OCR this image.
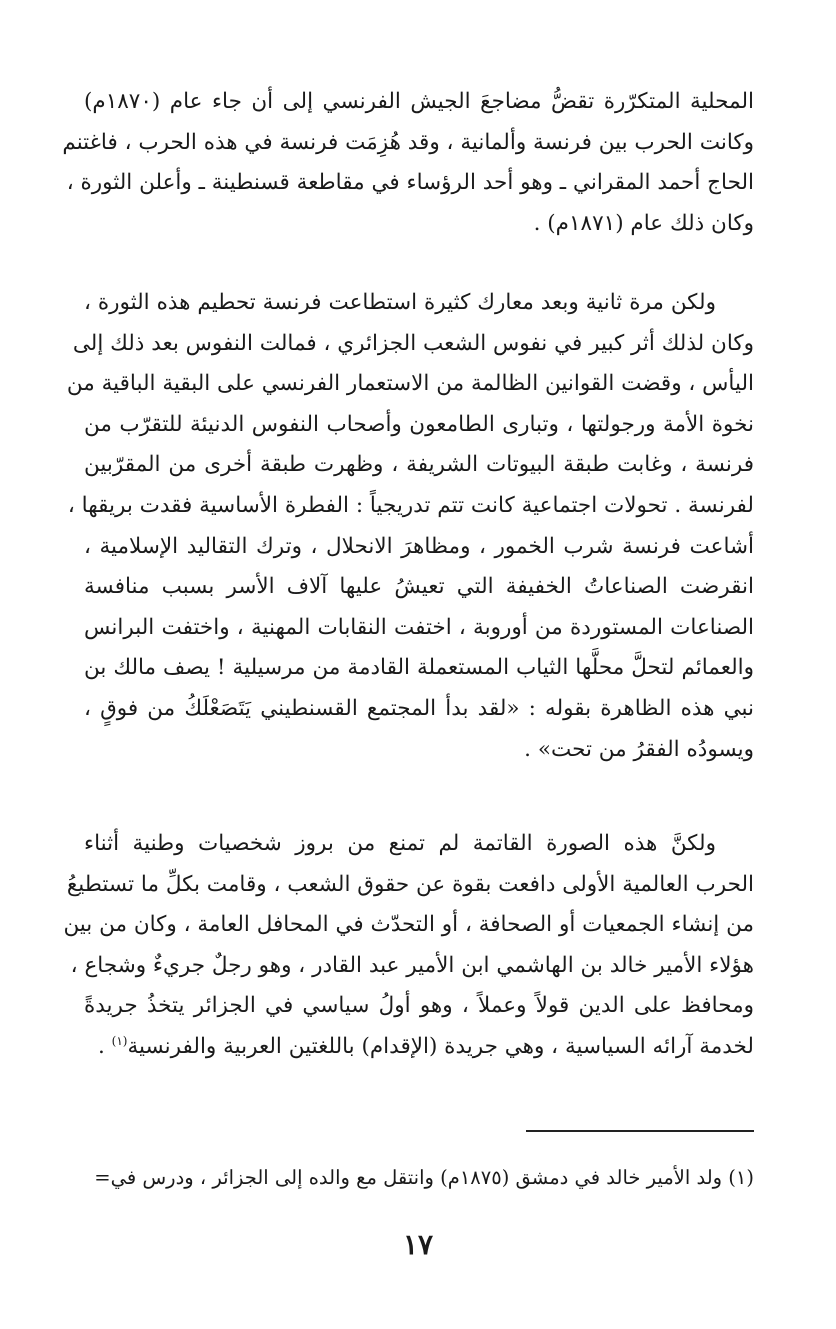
المحلية المتكرّرة تقضُّ مضاجعَ الجيش الفرنسي إلى أن جاء عام (١٨٧٠م)
وكانت الحرب بين فرنسة وألمانية ، وقد هُزِمَت فرنسة في هذه الحرب ، فاغتنم
الحاج أحمد المقراني ـ وهو أحد الرؤساء في مقاطعة قسنطينة ـ وأعلن الثورة ،
وكان ذلك عام (١٨٧١م) .
ولكن مرة ثانية وبعد معارك كثيرة استطاعت فرنسة تحطيم هذه الثورة ،
وكان لذلك أثر كبير في نفوس الشعب الجزائري ، فمالت النفوس بعد ذلك إلى
اليأس ، وقضت القوانين الظالمة من الاستعمار الفرنسي على البقية الباقية من
نخوة الأمة ورجولتها ، وتبارى الطامعون وأصحاب النفوس الدنيئة للتقرّب من
فرنسة ، وغابت طبقة البيوتات الشريفة ، وظهرت طبقة أخرى من المقرّبين
لفرنسة . تحولات اجتماعية كانت تتم تدريجياً : الفطرة الأساسية فقدت بريقها ،
أشاعت فرنسة شرب الخمور ، ومظاهرَ الانحلال ، وترك التقاليد الإسلامية ،
انقرضت الصناعاتُ الخفيفة التي تعيشُ عليها آلاف الأسر بسبب منافسة
الصناعات المستوردة من أوروبة ، اختفت النقابات المهنية ، واختفت البرانس
والعمائم لتحلَّ محلَّها الثياب المستعملة القادمة من مرسيلية ! يصف مالك بن
نبي هذه الظاهرة بقوله : «لقد بدأ المجتمع القسنطيني يَتَصَعْلَكُ من فوقٍ ،
ويسودُه الفقرُ من تحت» .
ولكنَّ هذه الصورة القاتمة لم تمنع من بروز شخصيات وطنية أثناء
الحرب العالمية الأولى دافعت بقوة عن حقوق الشعب ، وقامت بكلِّ ما تستطيعُ
من إنشاء الجمعيات أو الصحافة ، أو التحدّث في المحافل العامة ، وكان من بين
هؤلاء الأمير خالد بن الهاشمي ابن الأمير عبد القادر ، وهو رجلٌ جريءٌ وشجاع ،
ومحافظ على الدين قولاً وعملاً ، وهو أولُ سياسي في الجزائر يتخذُ جريدةً
لخدمة آرائه السياسية ، وهي جريدة (الإقدام) باللغتين العربية والفرنسية$^{(١)}$ .
(١) ولد الأمير خالد في دمشق (١٨٧٥م) وانتقل مع والده إلى الجزائر ، ودرس في=
١٧
